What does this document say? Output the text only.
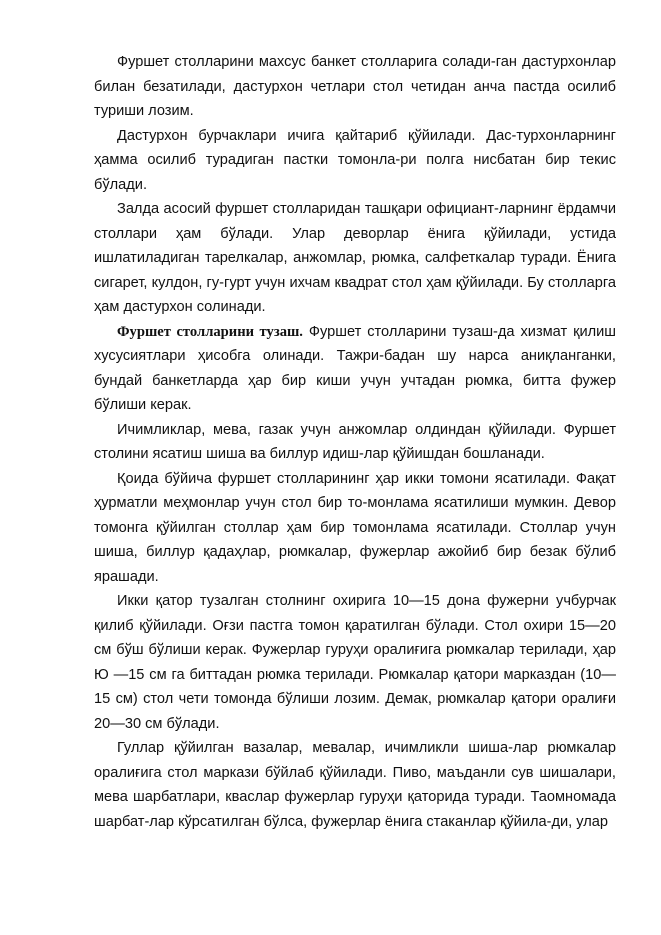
Фуршет столларини махсус банкет столларига солади-ган дастурхонлар билан безатилади, дастурхон четлари стол четидан анча пастда осилиб туриши лозим.

Дастурхон бурчаклари ичига қайтариб қўйилади. Дас-турхонларнинг ҳамма осилиб турадиган пастки томонла-ри полга нисбатан бир текис бўлади.

Залда асосий фуршет столларидан ташқари официант-ларнинг ёрдамчи столлари ҳам бўлади. Улар деворлар ёнига қўйилади, устида ишлатиладиган тарелкалар, анжомлар, рюмка, салфеткалар туради. Ёнига сигарет, кулдон, гу-гурт учун ихчам квадрат стол ҳам қўйилади. Бу столларга ҳам дастурхон солинади.

Фуршет столларини тузаш. Фуршет столларини тузаш-да хизмат қилиш хусусиятлари ҳисобга олинади. Тажри-бадан шу нарса аниқланганки, бундай банкетларда ҳар бир киши учун учтадан рюмка, битта фужер бўлиши керак.

Ичимликлар, мева, газак учун анжомлар олдиндан қўйилади. Фуршет столини ясатиш шиша ва биллур идиш-лар қўйишдан бошланади.

Қоида бўйича фуршет столларининг ҳар икки томони ясатилади. Фақат ҳурматли меҳмонлар учун стол бир то-монлама ясатилиши мумкин. Девор томонга қўйилган столлар ҳам бир томонлама ясатилади. Столлар учун шиша, биллур қадаҳлар, рюмкалар, фужерлар ажойиб бир безак бўлиб ярашади.

Икки қатор тузалган столнинг охирига 10—15 дона фужерни учбурчак қилиб қўйилади. Оғзи пастга томон қаратилган бўлади. Стол охири 15—20 см бўш бўлиши керак. Фужерлар гуруҳи оралиғига рюмкалар терилади, ҳар Ю —15 см га биттадан рюмка терилади. Рюмкалар қатори марказдан (10—15 см) стол чети томонда бўлиши лозим. Демак, рюмкалар қатори оралиғи 20—30 см бўлади.

Гуллар қўйилган вазалар, мевалар, ичимликли шиша-лар рюмкалар оралиғига стол маркази бўйлаб қўйилади. Пиво, маъданли сув шишалари, мева шарбатлари, кваслар фужерлар гуруҳи қаторида туради. Таомномада шарбат-лар кўрсатилган бўлса, фужерлар ёнига стаканлар қўйила-ди, улар
